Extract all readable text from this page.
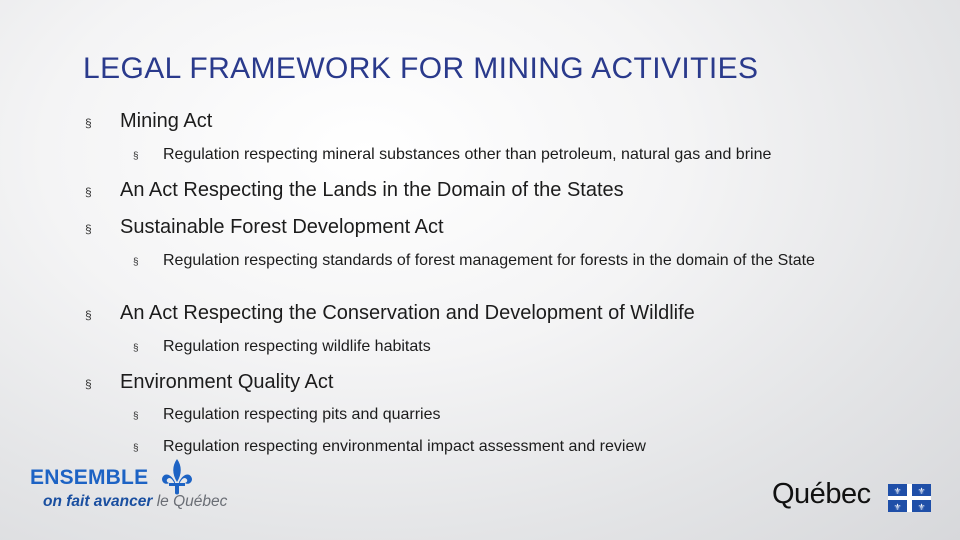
LEGAL FRAMEWORK FOR MINING ACTIVITIES
§	Mining Act
§	Regulation respecting mineral substances other than petroleum, natural gas and brine
§	An Act Respecting the Lands in the Domain of the States
§	Sustainable Forest Development Act
§	Regulation respecting standards of forest management for forests in the domain of the State
§	An Act Respecting the Conservation and Development of Wildlife
§	Regulation respecting wildlife habitats
§	Environment Quality Act
§	Regulation respecting pits and quarries
§	Regulation respecting environmental impact assessment and review
ENSEMBLE
on fait avancer le Québec	Québec	⚜ ⚜
⚜ ⚜
